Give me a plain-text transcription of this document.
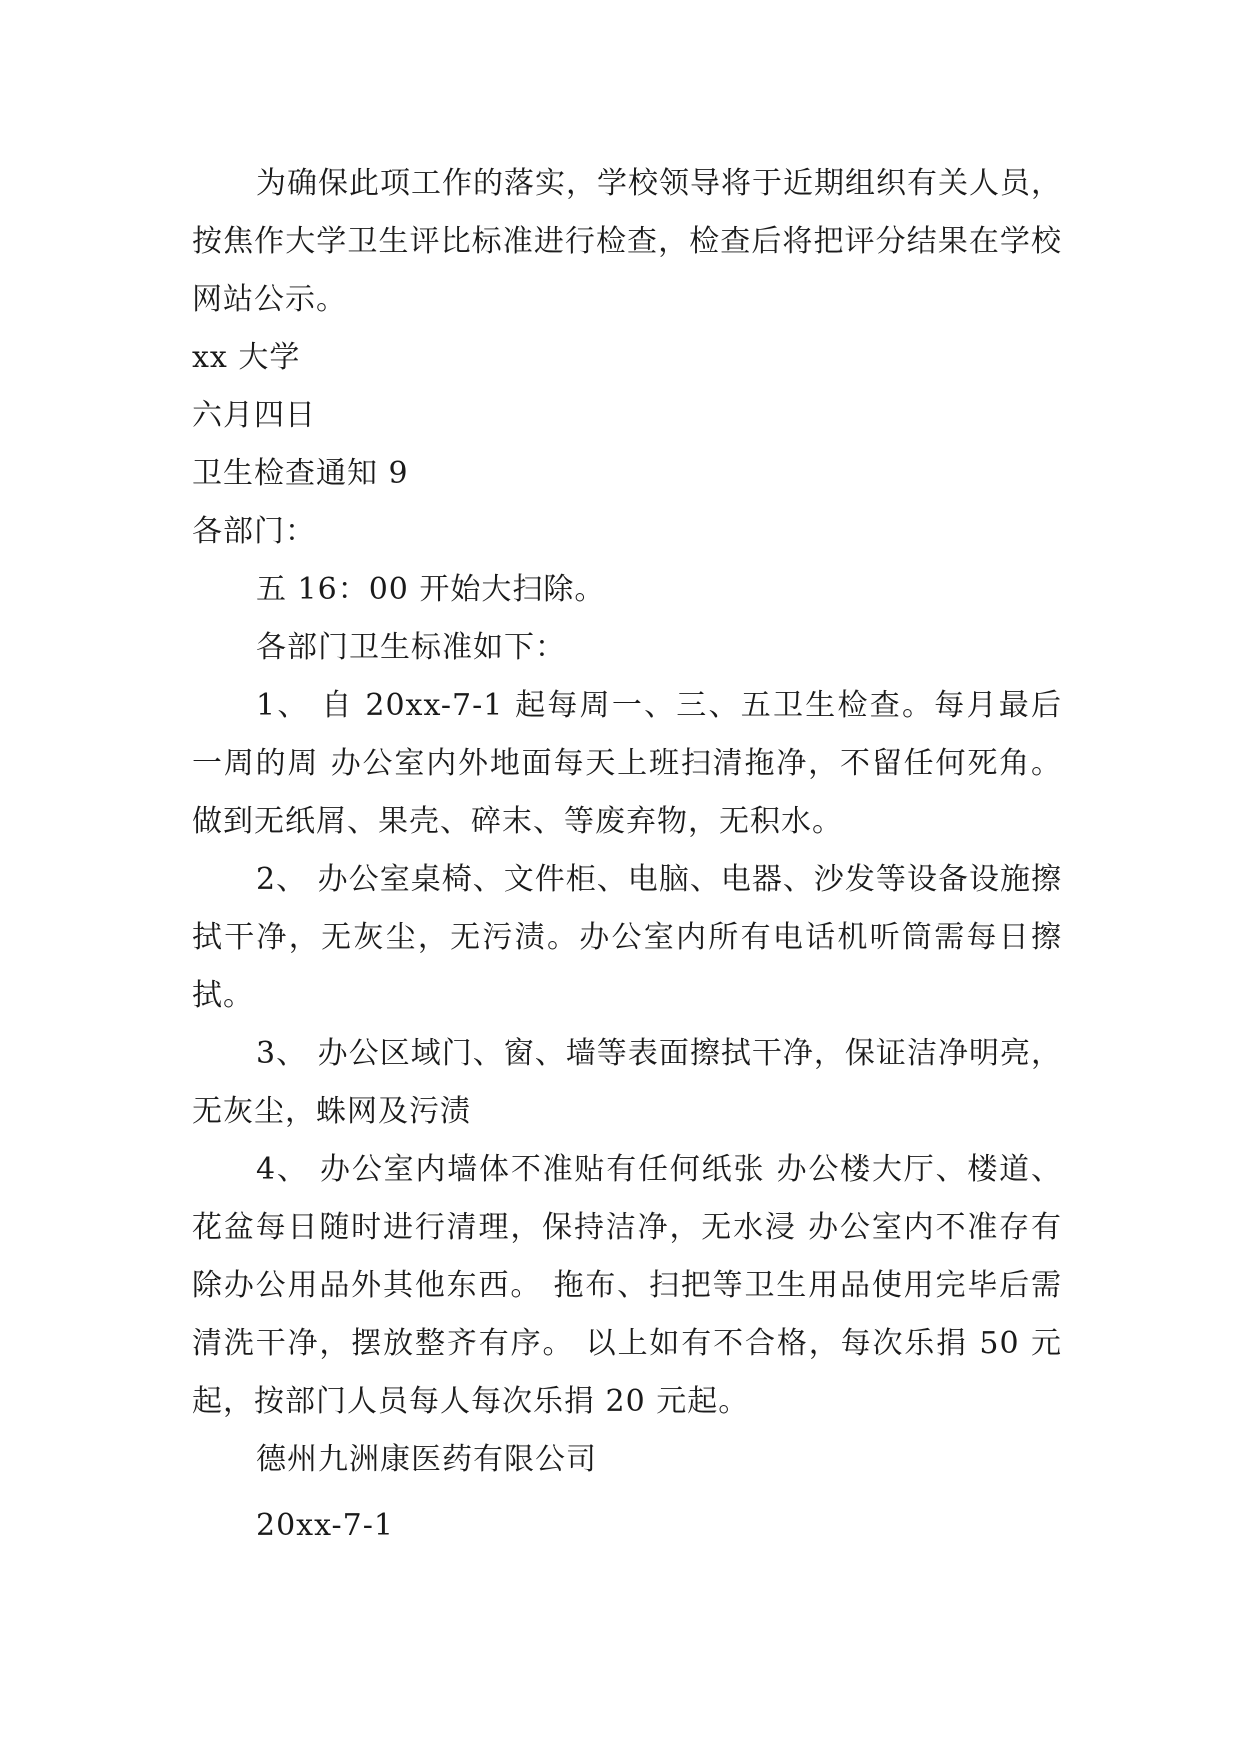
为确保此项工作的落实，学校领导将于近期组织有关人员，按焦作大学卫生评比标准进行检查，检查后将把评分结果在学校网站公示。

xx 大学

六月四日

卫生检查通知 9

各部门：

五 16：00 开始大扫除。

各部门卫生标准如下：

1、 自 20xx-7-1 起每周一、三、五卫生检查。每月最后一周的周 办公室内外地面每天上班扫清拖净，不留任何死角。做到无纸屑、果壳、碎末、等废弃物，无积水。

2、 办公室桌椅、文件柜、电脑、电器、沙发等设备设施擦拭干净，无灰尘，无污渍。办公室内所有电话机听筒需每日擦拭。

3、 办公区域门、窗、墙等表面擦拭干净，保证洁净明亮，无灰尘，蛛网及污渍

4、 办公室内墙体不准贴有任何纸张 办公楼大厅、楼道、花盆每日随时进行清理，保持洁净，无水浸 办公室内不准存有除办公用品外其他东西。 拖布、扫把等卫生用品使用完毕后需清洗干净，摆放整齐有序。 以上如有不合格，每次乐捐 50 元起，按部门人员每人每次乐捐 20 元起。

德州九洲康医药有限公司

20xx-7-1
